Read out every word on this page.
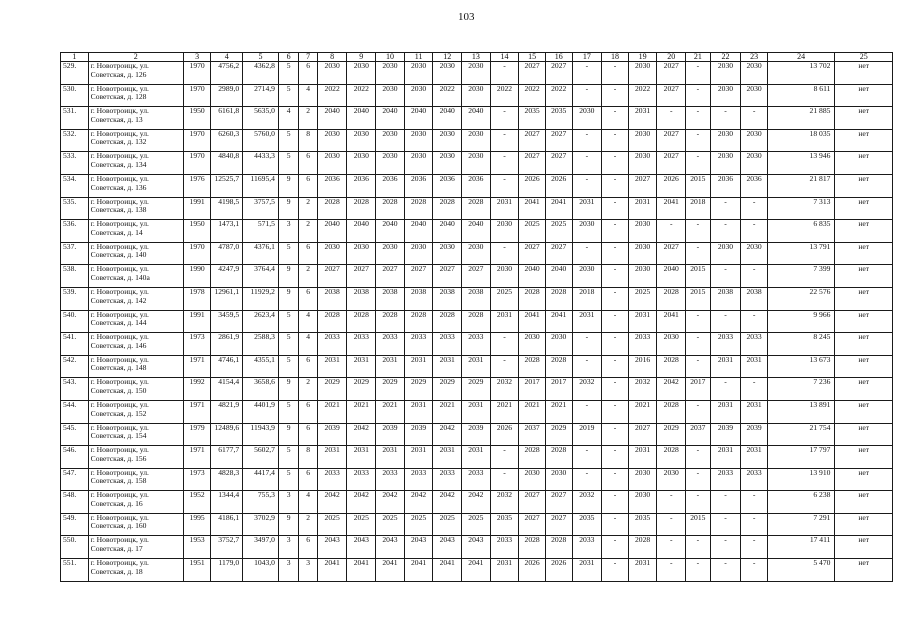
103
1	2	3	4	5	6	7	8	9	10	11	12	13	14	15	16	17	18	19	20	21	22	23	24	25
529.	г. Новотроицк, ул. Советская, д. 126	1970	4756,2	4362,8	5	6	2030	2030	2030	2030	2030	2030	-	2027	2027	-	-	2030	2027	-	2030	2030	13 702	нет
530.	г. Новотроицк, ул. Советская, д. 128	1970	2989,0	2714,9	5	4	2022	2022	2030	2030	2022	2030	2022	2022	2022	-	-	2022	2027	-	2030	2030	8 611	нет
531.	г. Новотроицк, ул. Советская, д. 13	1950	6161,8	5635,0	4	2	2040	2040	2040	2040	2040	2040	-	2035	2035	2030	-	2031	-	-	-	-	21 885	нет
532.	г. Новотроицк, ул. Советская, д. 132	1970	6260,3	5760,0	5	8	2030	2030	2030	2030	2030	2030	-	2027	2027	-	-	2030	2027	-	2030	2030	18 035	нет
533.	г. Новотроицк, ул. Советская, д. 134	1970	4840,8	4433,3	5	6	2030	2030	2030	2030	2030	2030	-	2027	2027	-	-	2030	2027	-	2030	2030	13 946	нет
534.	г. Новотроицк, ул. Советская, д. 136	1976	12525,7	11695,4	9	6	2036	2036	2036	2036	2036	2036	-	2026	2026	-	-	2027	2026	2015	2036	2036	21 817	нет
535.	г. Новотроицк, ул. Советская, д. 138	1991	4198,5	3757,5	9	2	2028	2028	2028	2028	2028	2028	2031	2041	2041	2031	-	2031	2041	2018	-	-	7 313	нет
536.	г. Новотроицк, ул. Советская, д. 14	1950	1473,1	571,5	3	2	2040	2040	2040	2040	2040	2040	2030	2025	2025	2030	-	2030	-	-	-	-	6 835	нет
537.	г. Новотроицк, ул. Советская, д. 140	1970	4787,0	4376,1	5	6	2030	2030	2030	2030	2030	2030	-	2027	2027	-	-	2030	2027	-	2030	2030	13 791	нет
538.	г. Новотроицк, ул. Советская, д. 140а	1990	4247,9	3764,4	9	2	2027	2027	2027	2027	2027	2027	2030	2040	2040	2030	-	2030	2040	2015	-	-	7 399	нет
539.	г. Новотроицк, ул. Советская, д. 142	1978	12961,1	11929,2	9	6	2038	2038	2038	2038	2038	2038	2025	2028	2028	2018	-	2025	2028	2015	2038	2038	22 576	нет
540.	г. Новотроицк, ул. Советская, д. 144	1991	3459,5	2623,4	5	4	2028	2028	2028	2028	2028	2028	2031	2041	2041	2031	-	2031	2041	-	-	-	9 966	нет
541.	г. Новотроицк, ул. Советская, д. 146	1973	2861,9	2588,3	5	4	2033	2033	2033	2033	2033	2033	-	2030	2030	-	-	2033	2030	-	2033	2033	8 245	нет
542.	г. Новотроицк, ул. Советская, д. 148	1971	4746,1	4355,1	5	6	2031	2031	2031	2031	2031	2031	-	2028	2028	-	-	2016	2028	-	2031	2031	13 673	нет
543.	г. Новотроицк, ул. Советская, д. 150	1992	4154,4	3658,6	9	2	2029	2029	2029	2029	2029	2029	2032	2017	2017	2032	-	2032	2042	2017	-	-	7 236	нет
544.	г. Новотроицк, ул. Советская, д. 152	1971	4821,9	4401,9	5	6	2021	2021	2021	2031	2021	2031	2021	2021	2021	-	-	2021	2028	-	2031	2031	13 891	нет
545.	г. Новотроицк, ул. Советская, д. 154	1979	12489,6	11943,9	9	6	2039	2042	2039	2039	2042	2039	2026	2037	2029	2019	-	2027	2029	2037	2039	2039	21 754	нет
546.	г. Новотроицк, ул. Советская, д. 156	1971	6177,7	5602,7	5	8	2031	2031	2031	2031	2031	2031	-	2028	2028	-	-	2031	2028	-	2031	2031	17 797	нет
547.	г. Новотроицк, ул. Советская, д. 158	1973	4828,3	4417,4	5	6	2033	2033	2033	2033	2033	2033	-	2030	2030	-	-	2030	2030	-	2033	2033	13 910	нет
548.	г. Новотроицк, ул. Советская, д. 16	1952	1344,4	755,3	3	4	2042	2042	2042	2042	2042	2042	2032	2027	2027	2032	-	2030	-	-	-	-	6 238	нет
549.	г. Новотроицк, ул. Советская, д. 160	1995	4186,1	3702,9	9	2	2025	2025	2025	2025	2025	2025	2035	2027	2027	2035	-	2035	-	2015	-	-	7 291	нет
550.	г. Новотроицк, ул. Советская, д. 17	1953	3752,7	3497,0	3	6	2043	2043	2043	2043	2043	2043	2033	2028	2028	2033	-	2028	-	-	-	-	17 411	нет
551.	г. Новотроицк, ул. Советская, д. 18	1951	1179,0	1043,0	3	3	2041	2041	2041	2041	2041	2041	2031	2026	2026	2031	-	2031	-	-	-	-	5 470	нет
